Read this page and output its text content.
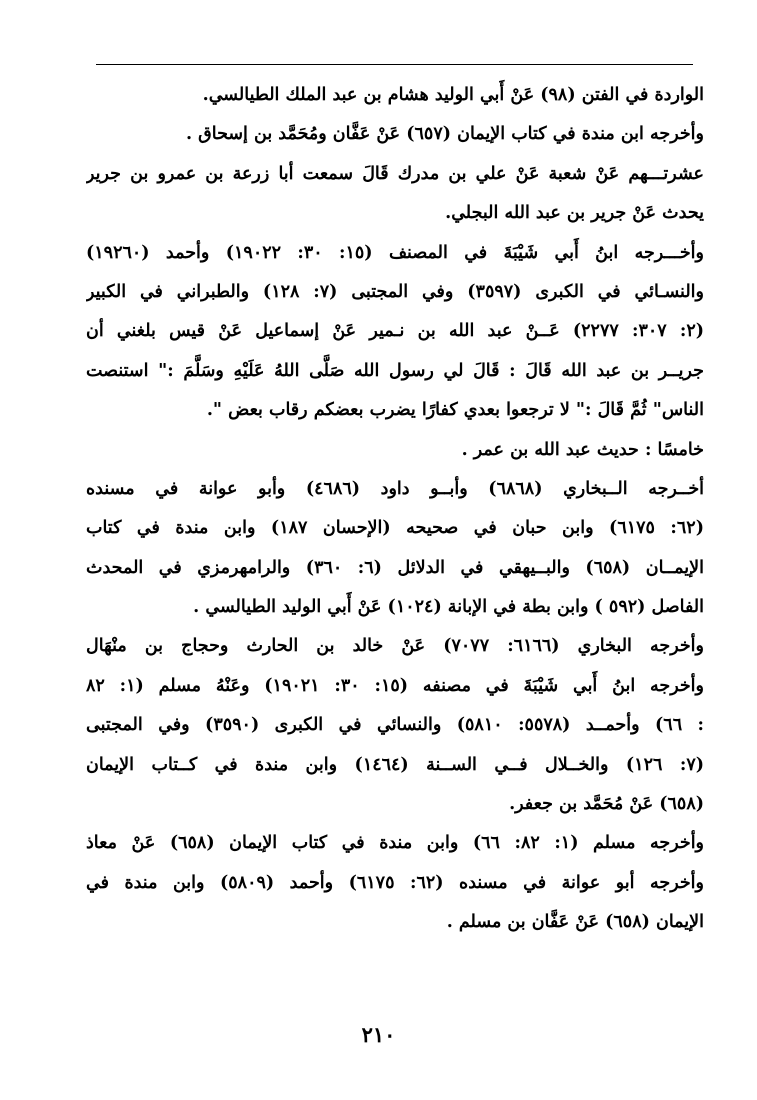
الواردة في الفتن (٩٨) عَنْ أَبي الوليد هشام بن عبد الملك الطيالسي.
وأخرجه ابن مندة في كتاب الإيمان (٦٥٧) عَنْ عَفَّان ومُحَمَّد بن إسحاق .
عشرتـــهم عَنْ شعبة عَنْ علي بن مدرك قَالَ سمعت أبا زرعة بن عمرو بن جرير
يحدث عَنْ جرير بن عبد الله البجلي.
وأخـــرجه ابنُ أَبي شَيْبَةَ في المصنف (١٥: ٣٠: ١٩٠٢٢) وأحمد (١٩٢٦٠)
والنسـائي في الكبرى (٣٥٩٧) وفي المجتبى (٧: ١٢٨) والطبراني في الكبير
(٢: ٣٠٧: ٢٢٧٧) عَــنْ عبد الله بن نـمير عَنْ إسماعيل عَنْ قيس بلغني أن
جريــر بن عبد الله قَالَ : قَالَ لي رسول الله صَلَّى اللهُ عَلَيْهِ وسَلَّمَ :" استنصت
الناس" ثُمَّ قَالَ :" لا ترجعوا بعدي كفارًا يضرب بعضكم رقاب بعض ".
خامسًا : حديث عبد الله بن عمر .
أخــرجه الــبخاري (٦٨٦٨) وأبــو داود (٤٦٨٦) وأبو عوانة في مسنده
(٦٢: ٦١٧٥) وابن حبان في صحيحه (الإحسان ١٨٧) وابن مندة في كتاب
الإيمــان (٦٥٨) والبــيهقي في الدلائل (٦: ٣٦٠) والرامهرمزي في المحدث
الفاصل (٥٩٢ ) وابن بطة في الإبانة (١٠٢٤) عَنْ أَبي الوليد الطيالسي .
وأخرجه البخاري (٦١٦٦: ٧٠٧٧) عَنْ خالد بن الحارث وحجاج بن منْهَال
وأخرجه ابنُ أَبي شَيْبَةَ في مصنفه (١٥: ٣٠: ١٩٠٢١) وعَنْهُ مسلم (١: ٨٢
: ٦٦) وأحمــد (٥٥٧٨: ٥٨١٠) والنسائي في الكبرى (٣٥٩٠) وفي المجتبى
(٧: ١٢٦) والخــلال فــي الســنة (١٤٦٤) وابن مندة في كــتاب الإيمان
(٦٥٨) عَنْ مُحَمَّد بن جعفر.
وأخرجه مسلم (١: ٨٢: ٦٦) وابن مندة في كتاب الإيمان (٦٥٨) عَنْ معاذ
وأخرجه أبو عوانة في مسنده (٦٢: ٦١٧٥) وأحمد (٥٨٠٩) وابن مندة في
الإيمان (٦٥٨) عَنْ عَفَّان بن مسلم .
٢١٠
